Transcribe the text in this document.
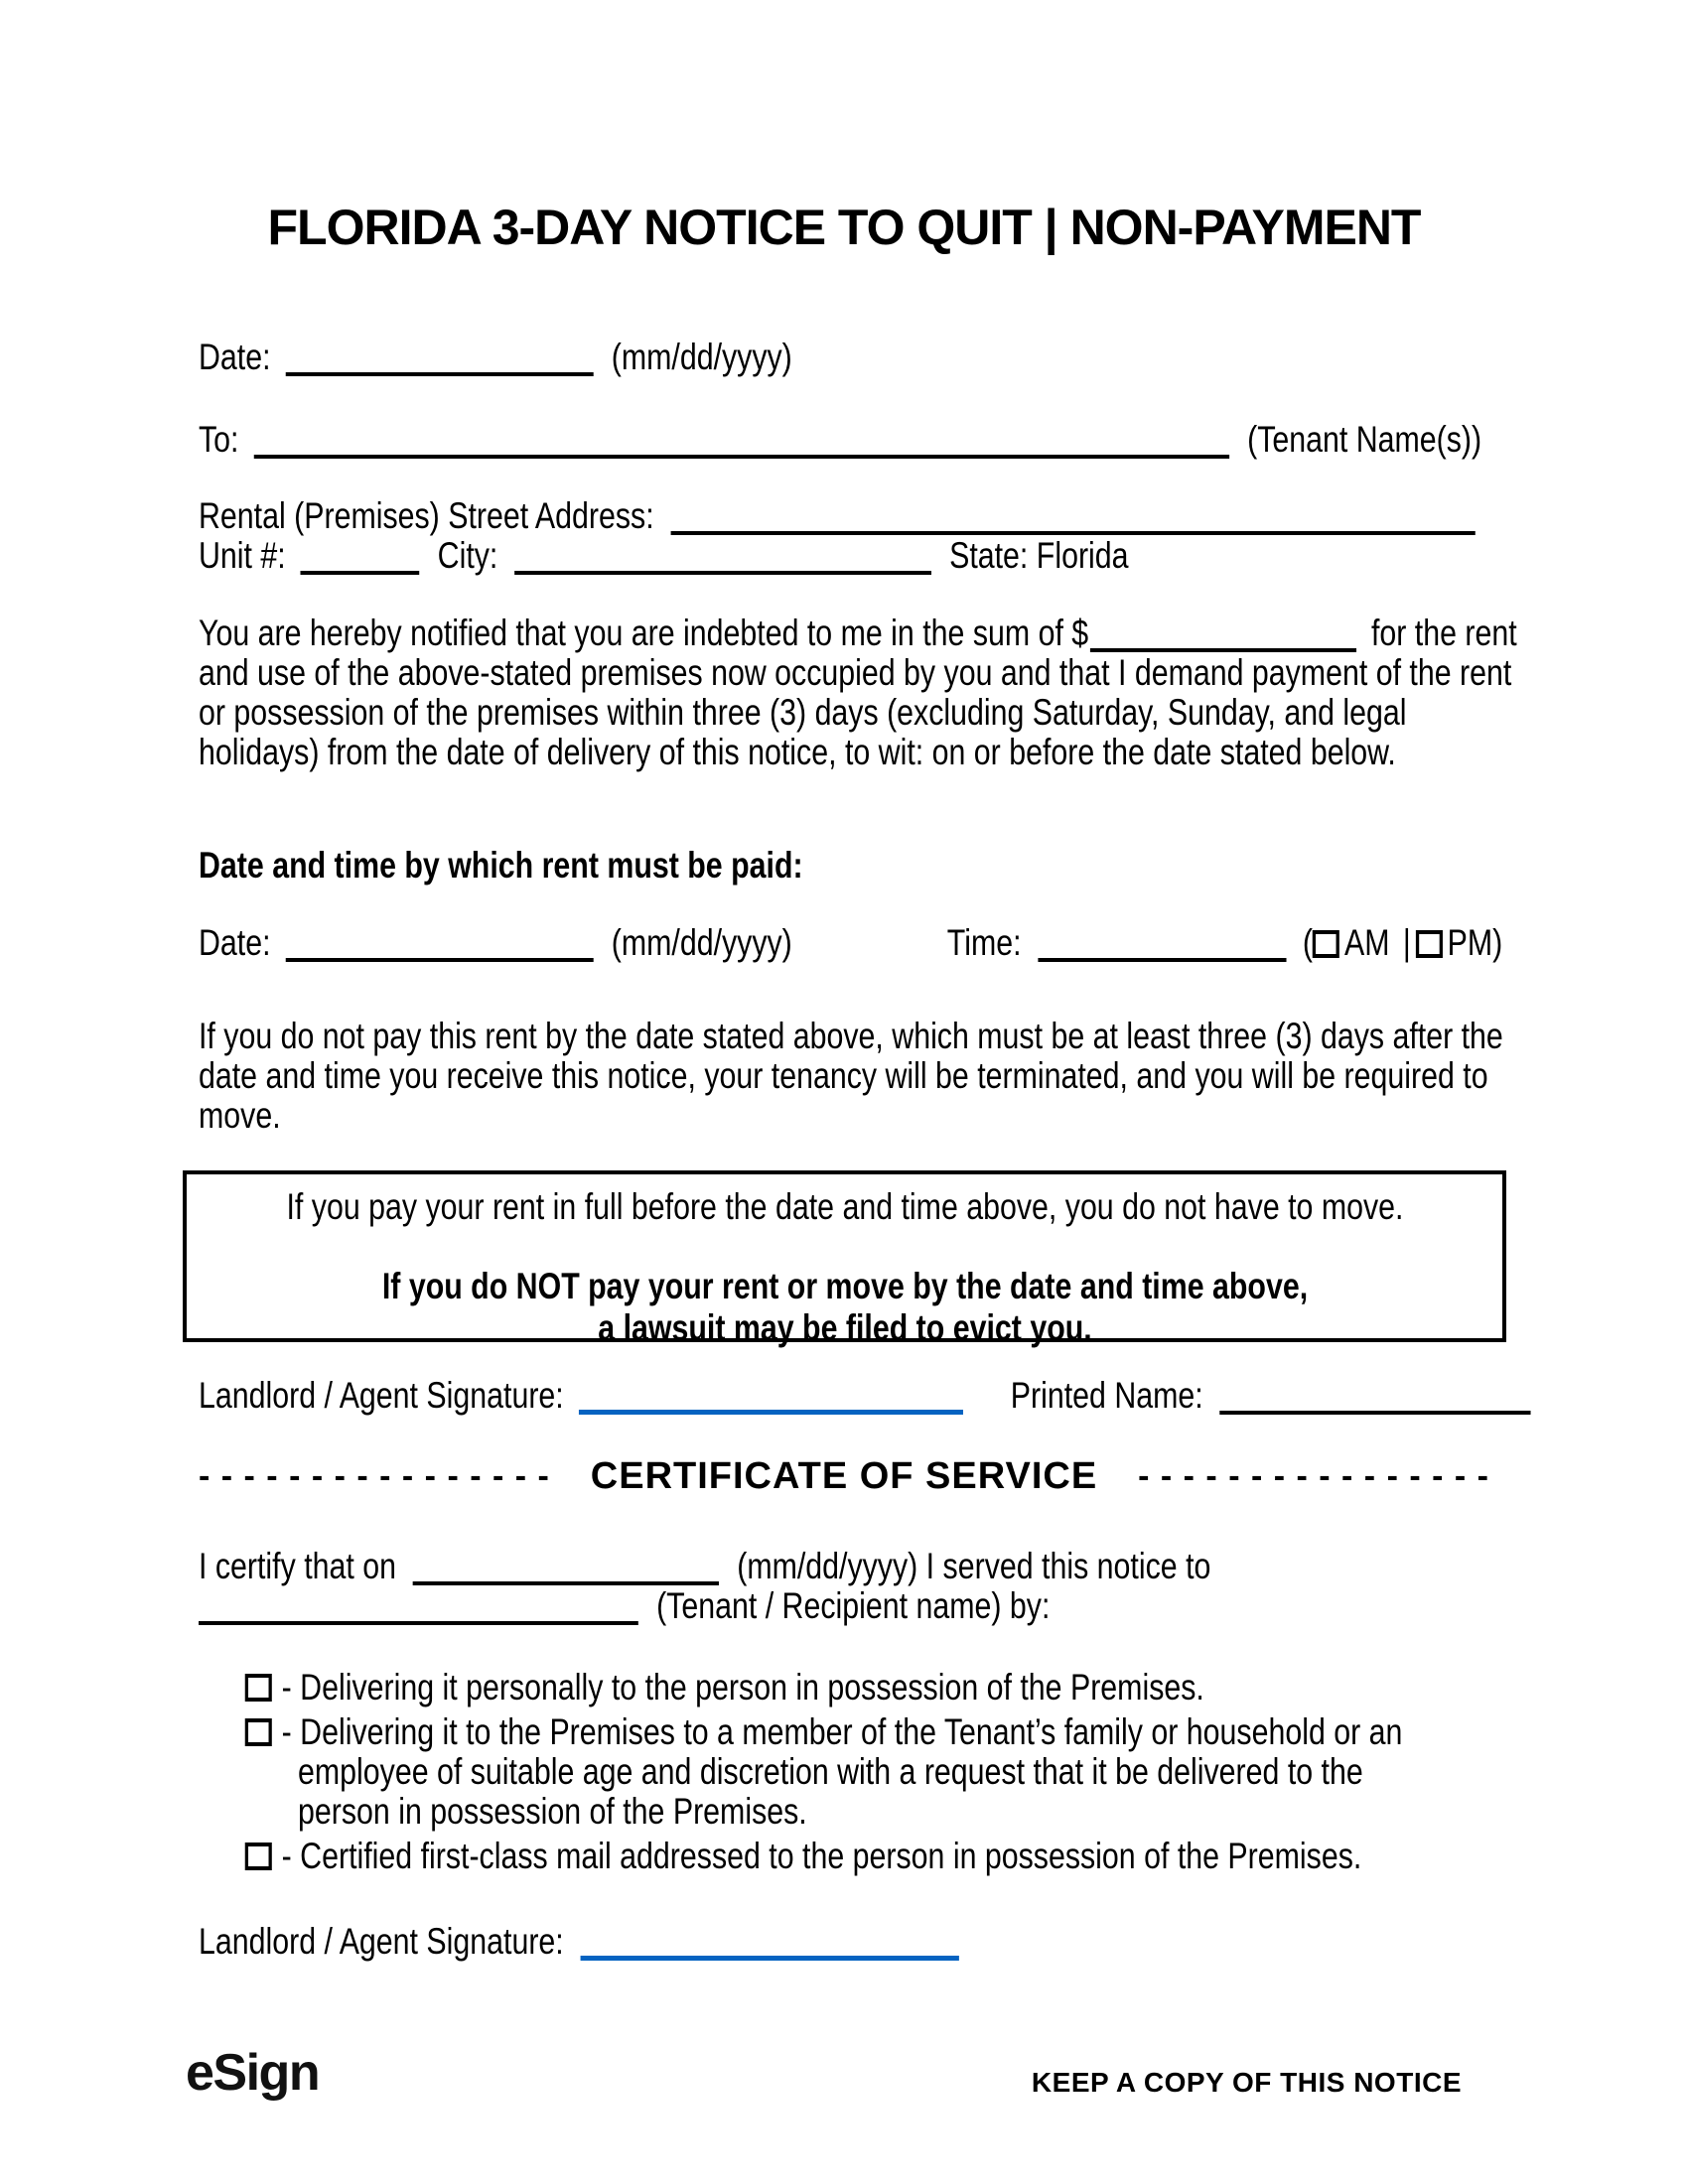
FLORIDA 3-DAY NOTICE TO QUIT | NON-PAYMENT
Date:	(mm/dd/yyyy)
To:	(Tenant Name(s))
Rental (Premises) Street Address:
Unit #:	City:	State: Florida
You are hereby notified that you are indebted to me in the sum of $	for the rent
and use of the above-stated premises now occupied by you and that I demand payment of the rent
or possession of the premises within three (3) days (excluding Saturday, Sunday, and legal
holidays) from the date of delivery of this notice, to wit: on or before the date stated below.
Date and time by which rent must be paid:
Date:	(mm/dd/yyyy)	Time:	( AM | PM)
If you do not pay this rent by the date stated above, which must be at least three (3) days after the
date and time you receive this notice, your tenancy will be terminated, and you will be required to
move.
If you pay your rent in full before the date and time above, you do not have to move.
If you do NOT pay your rent or move by the date and time above,
a lawsuit may be filed to evict you.
Landlord / Agent Signature:	Printed Name:
- - - - - - - - - - - - - - - - CERTIFICATE OF SERVICE - - - - - - - - - - - - - - - -
I certify that on	(mm/dd/yyyy) I served this notice to
(Tenant / Recipient name) by:
- Delivering it personally to the person in possession of the Premises.
- Delivering it to the Premises to a member of the Tenant’s family or household or an
employee of suitable age and discretion with a request that it be delivered to the
person in possession of the Premises.
- Certified first-class mail addressed to the person in possession of the Premises.
Landlord / Agent Signature:
eSign	KEEP A COPY OF THIS NOTICE
